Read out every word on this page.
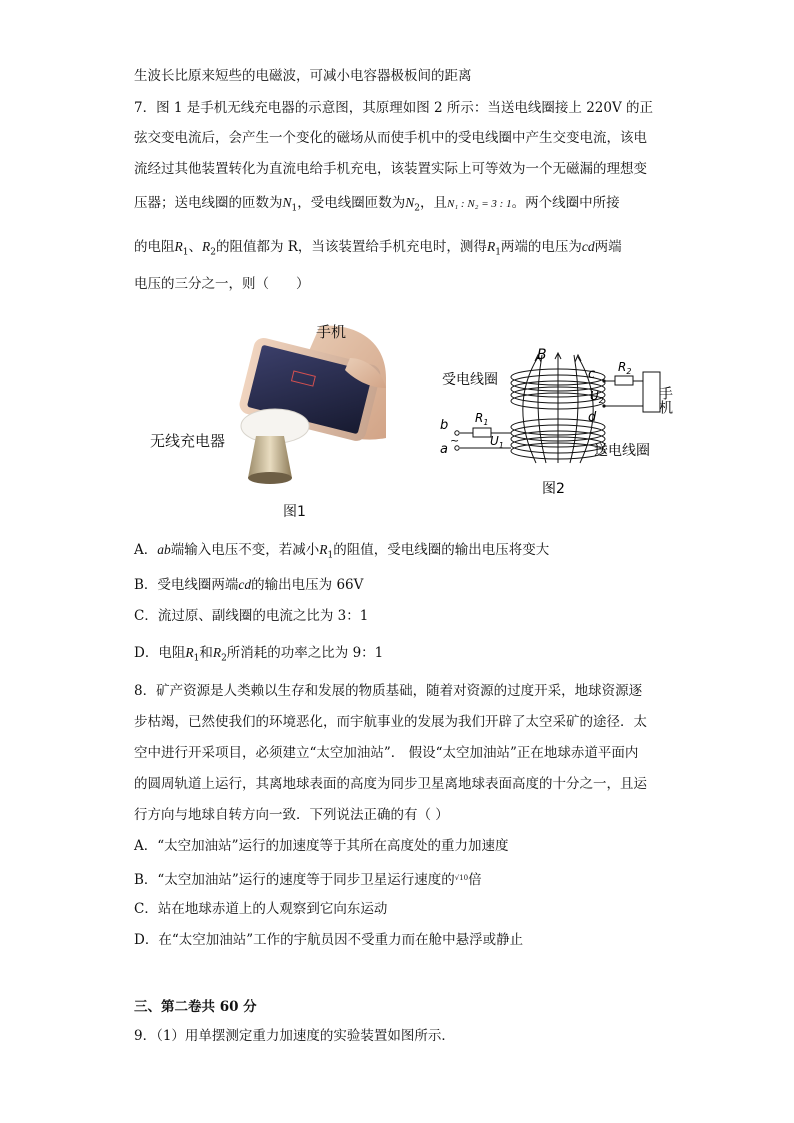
生波长比原来短些的电磁波，可减小电容器极板间的距离
7．图 1 是手机无线充电器的示意图，其原理如图 2 所示：当送电线圈接上 220V 的正
弦交变电流后，会产生一个变化的磁场从而使手机中的受电线圈中产生交变电流，该电
流经过其他装置转化为直流电给手机充电，该装置实际上可等效为一个无磁漏的理想变
压器；送电线圈的匝数为$N_1$，受电线圈匝数为$N_2$，且N₁ : N₂ = 3 : 1。两个线圈中所接
的电阻$R_1$、$R_2$的阻值都为 R，当该装置给手机充电时，测得$R_1$两端的电压为cd两端
电压的三分之一，则（　　）
手机
无线充电器
图1
B
受电线圈
送电线圈
c
d
b
a
~
$R_2$
$U_2$
$R_1$
$U_1$
手机
图2
A．ab端输入电压不变，若减小$R_1$的阻值，受电线圈的输出电压将变大
B．受电线圈两端cd的输出电压为 66V
C．流过原、副线圈的电流之比为 3：1
D．电阻$R_1$和$R_2$所消耗的功率之比为 9：1
8．矿产资源是人类赖以生存和发展的物质基础，随着对资源的过度开采，地球资源逐
步枯竭，已然使我们的环境恶化，而宇航事业的发展为我们开辟了太空采矿的途径．太
空中进行开采项目，必须建立“太空加油站”． 假设“太空加油站”正在地球赤道平面内
的圆周轨道上运行，其离地球表面的高度为同步卫星离地球表面高度的十分之一，且运
行方向与地球自转方向一致．下列说法正确的有（ ）
A．“太空加油站”运行的加速度等于其所在高度处的重力加速度
B．“太空加油站”运行的速度等于同步卫星运行速度的$^{√10}$倍
C．站在地球赤道上的人观察到它向东运动
D．在“太空加油站”工作的宇航员因不受重力而在舱中悬浮或静止
三、第二卷共 60 分
9．（1）用单摆测定重力加速度的实验装置如图所示．
